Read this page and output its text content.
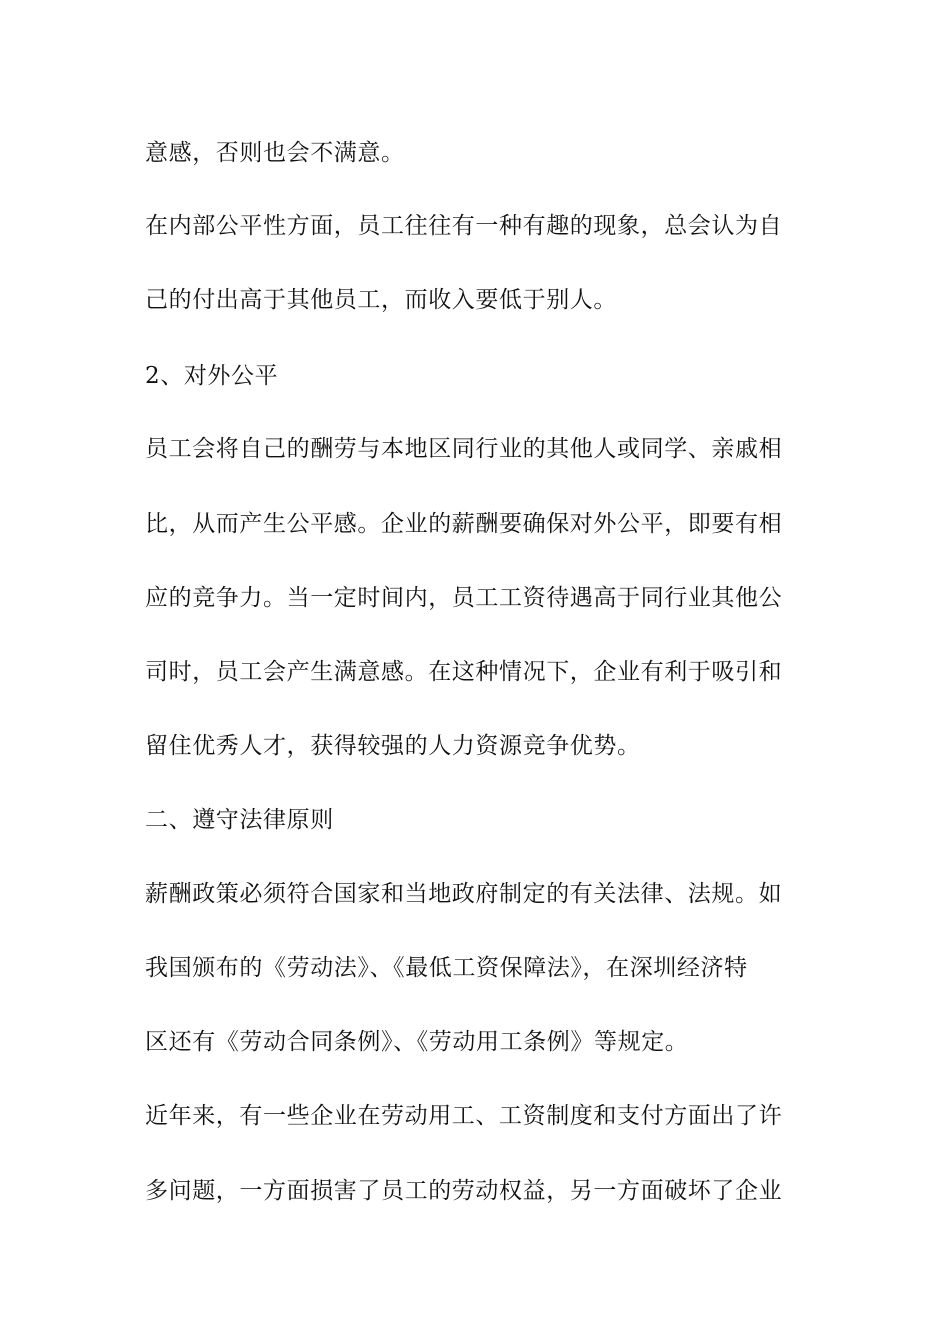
意感，否则也会不满意。
在内部公平性方面，员工往往有一种有趣的现象，总会认为自
己的付出高于其他员工，而收入要低于别人。
2、对外公平
员工会将自己的酬劳与本地区同行业的其他人或同学、亲戚相
比，从而产生公平感。企业的薪酬要确保对外公平，即要有相
应的竞争力。当一定时间内，员工工资待遇高于同行业其他公
司时，员工会产生满意感。在这种情况下，企业有利于吸引和
留住优秀人才，获得较强的人力资源竞争优势。
二、遵守法律原则
薪酬政策必须符合国家和当地政府制定的有关法律、法规。如
我国颁布的《劳动法》、《最低工资保障法》，在深圳经济特
区还有《劳动合同条例》、《劳动用工条例》等规定。
近年来，有一些企业在劳动用工、工资制度和支付方面出了许
多问题，一方面损害了员工的劳动权益，另一方面破坏了企业
